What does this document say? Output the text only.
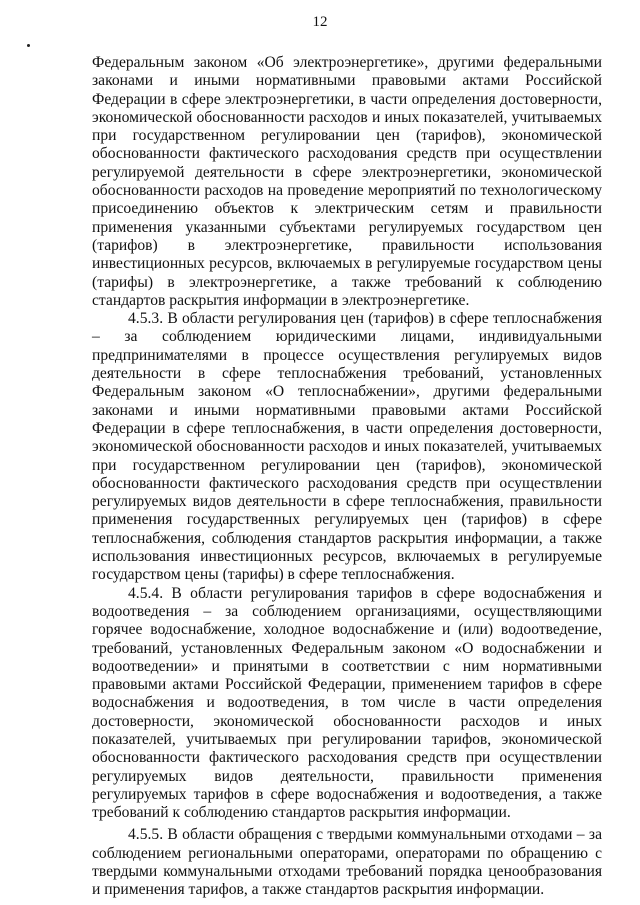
12

Федеральным законом «Об электроэнергетике», другими федеральными законами и иными нормативными правовыми актами Российской Федерации в сфере электроэнергетики, в части определения достоверности, экономической обоснованности расходов и иных показателей, учитываемых при государственном регулировании цен (тарифов), экономической обоснованности фактического расходования средств при осуществлении регулируемой деятельности в сфере электроэнергетики, экономической обоснованности расходов на проведение мероприятий по технологическому присоединению объектов к электрическим сетям и правильности применения указанными субъектами регулируемых государством цен (тарифов) в электроэнергетике, правильности использования инвестиционных ресурсов, включаемых в регулируемые государством цены (тарифы) в электроэнергетике, а также требований к соблюдению стандартов раскрытия информации в электроэнергетике.

4.5.3. В области регулирования цен (тарифов) в сфере теплоснабжения – за соблюдением юридическими лицами, индивидуальными предпринимателями в процессе осуществления регулируемых видов деятельности в сфере теплоснабжения требований, установленных Федеральным законом «О теплоснабжении», другими федеральными законами и иными нормативными правовыми актами Российской Федерации в сфере теплоснабжения, в части определения достоверности, экономической обоснованности расходов и иных показателей, учитываемых при государственном регулировании цен (тарифов), экономической обоснованности фактического расходования средств при осуществлении регулируемых видов деятельности в сфере теплоснабжения, правильности применения государственных регулируемых цен (тарифов) в сфере теплоснабжения, соблюдения стандартов раскрытия информации, а также использования инвестиционных ресурсов, включаемых в регулируемые государством цены (тарифы) в сфере теплоснабжения.

4.5.4. В области регулирования тарифов в сфере водоснабжения и водоотведения – за соблюдением организациями, осуществляющими горячее водоснабжение, холодное водоснабжение и (или) водоотведение, требований, установленных Федеральным законом «О водоснабжении и водоотведении» и принятыми в соответствии с ним нормативными правовыми актами Российской Федерации, применением тарифов в сфере водоснабжения и водоотведения, в том числе в части определения достоверности, экономической обоснованности расходов и иных показателей, учитываемых при регулировании тарифов, экономической обоснованности фактического расходования средств при осуществлении регулируемых видов деятельности, правильности применения регулируемых тарифов в сфере водоснабжения и водоотведения, а также требований к соблюдению стандартов раскрытия информации.

4.5.5. В области обращения с твердыми коммунальными отходами – за соблюдением региональными операторами, операторами по обращению с твердыми коммунальными отходами требований порядка ценообразования и применения тарифов, а также стандартов раскрытия информации.
